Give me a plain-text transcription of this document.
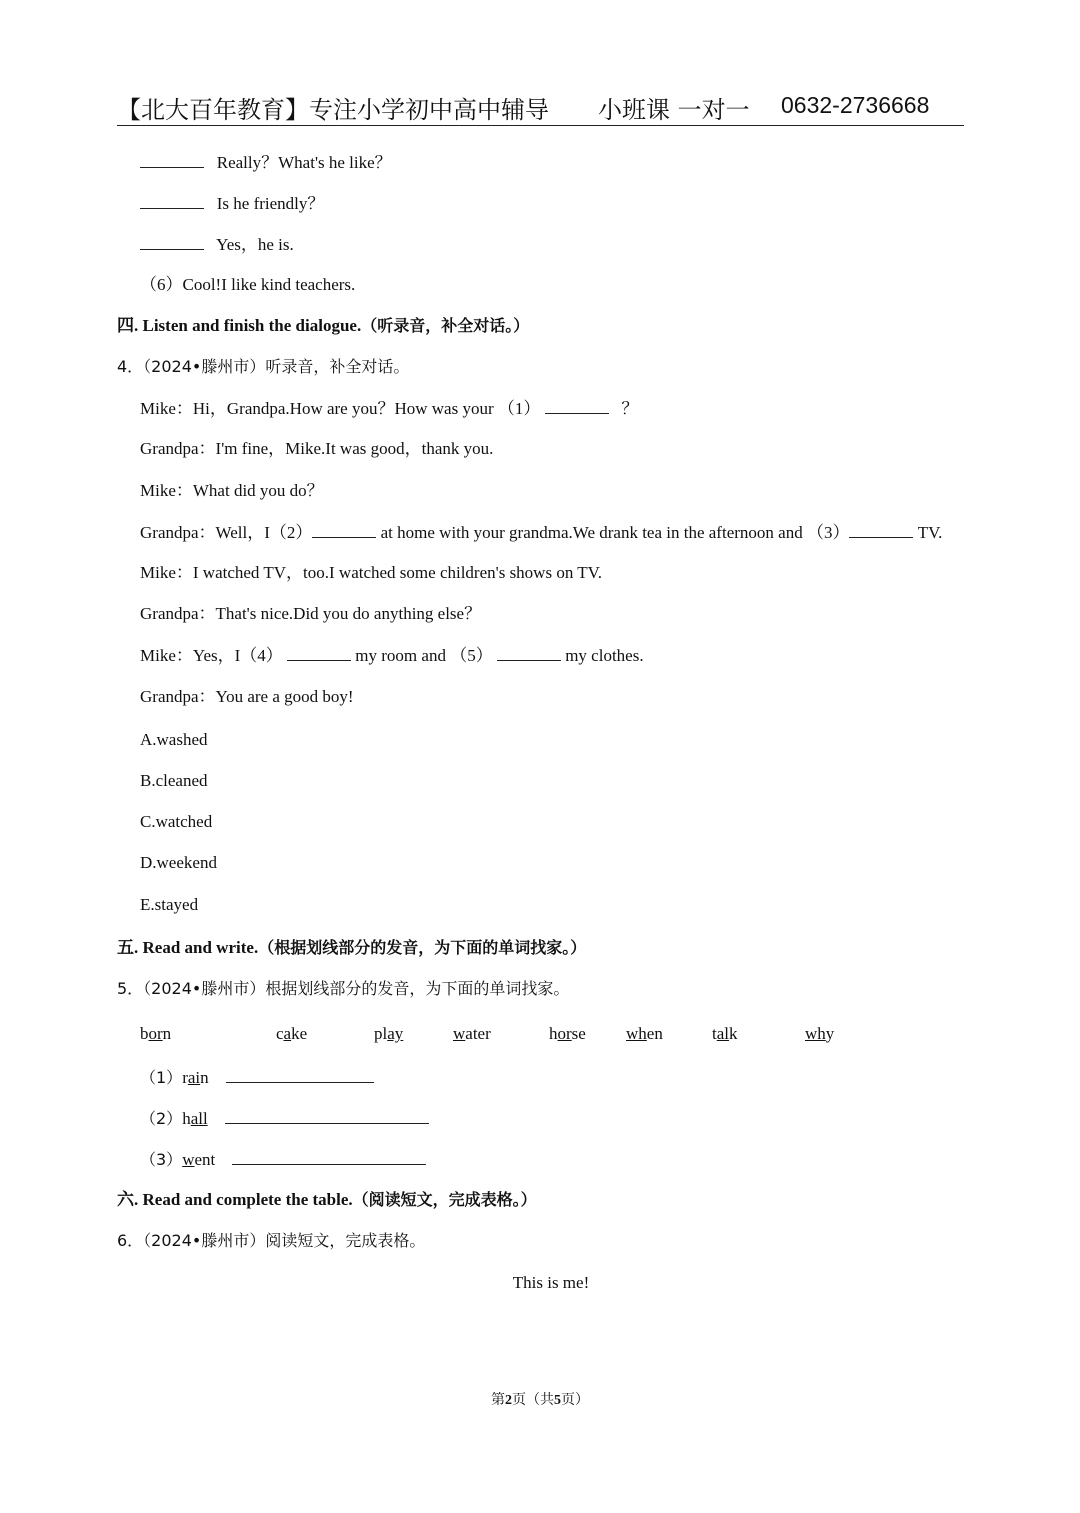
【北大百年教育】专注小学初中高中辅导 小班课 一对一 0632-2736668
Really？What's he like？
Is he friendly？
Yes，he is.
（6）Cool!I like kind teachers.
四. Listen and finish the dialogue.（听录音，补全对话。）
4．（2024•滕州市）听录音，补全对话。
Mike：Hi，Grandpa.How are you？How was your （1）	？
Grandpa：I'm fine，Mike.It was good，thank you.
Mike：What did you do？
Grandpa：Well，I（2）	at home with your grandma.We drank tea in the afternoon and （3）	TV.
Mike：I watched TV，too.I watched some children's shows on TV.
Grandpa：That's nice.Did you do anything else？
Mike：Yes，I（4）	my room and （5）	my clothes.
Grandpa：You are a good boy!
A.washed
B.cleaned
C.watched
D.weekend
E.stayed
五. Read and write.（根据划线部分的发音，为下面的单词找家。）
5．（2024•滕州市）根据划线部分的发音，为下面的单词找家。
born	cake	play	water	horse when	talk	why
（1）rain
（2）hall
（3）went
六. Read and complete the table.（阅读短文，完成表格。）
6．（2024•滕州市）阅读短文，完成表格。
This is me!
第2页（共5页）
